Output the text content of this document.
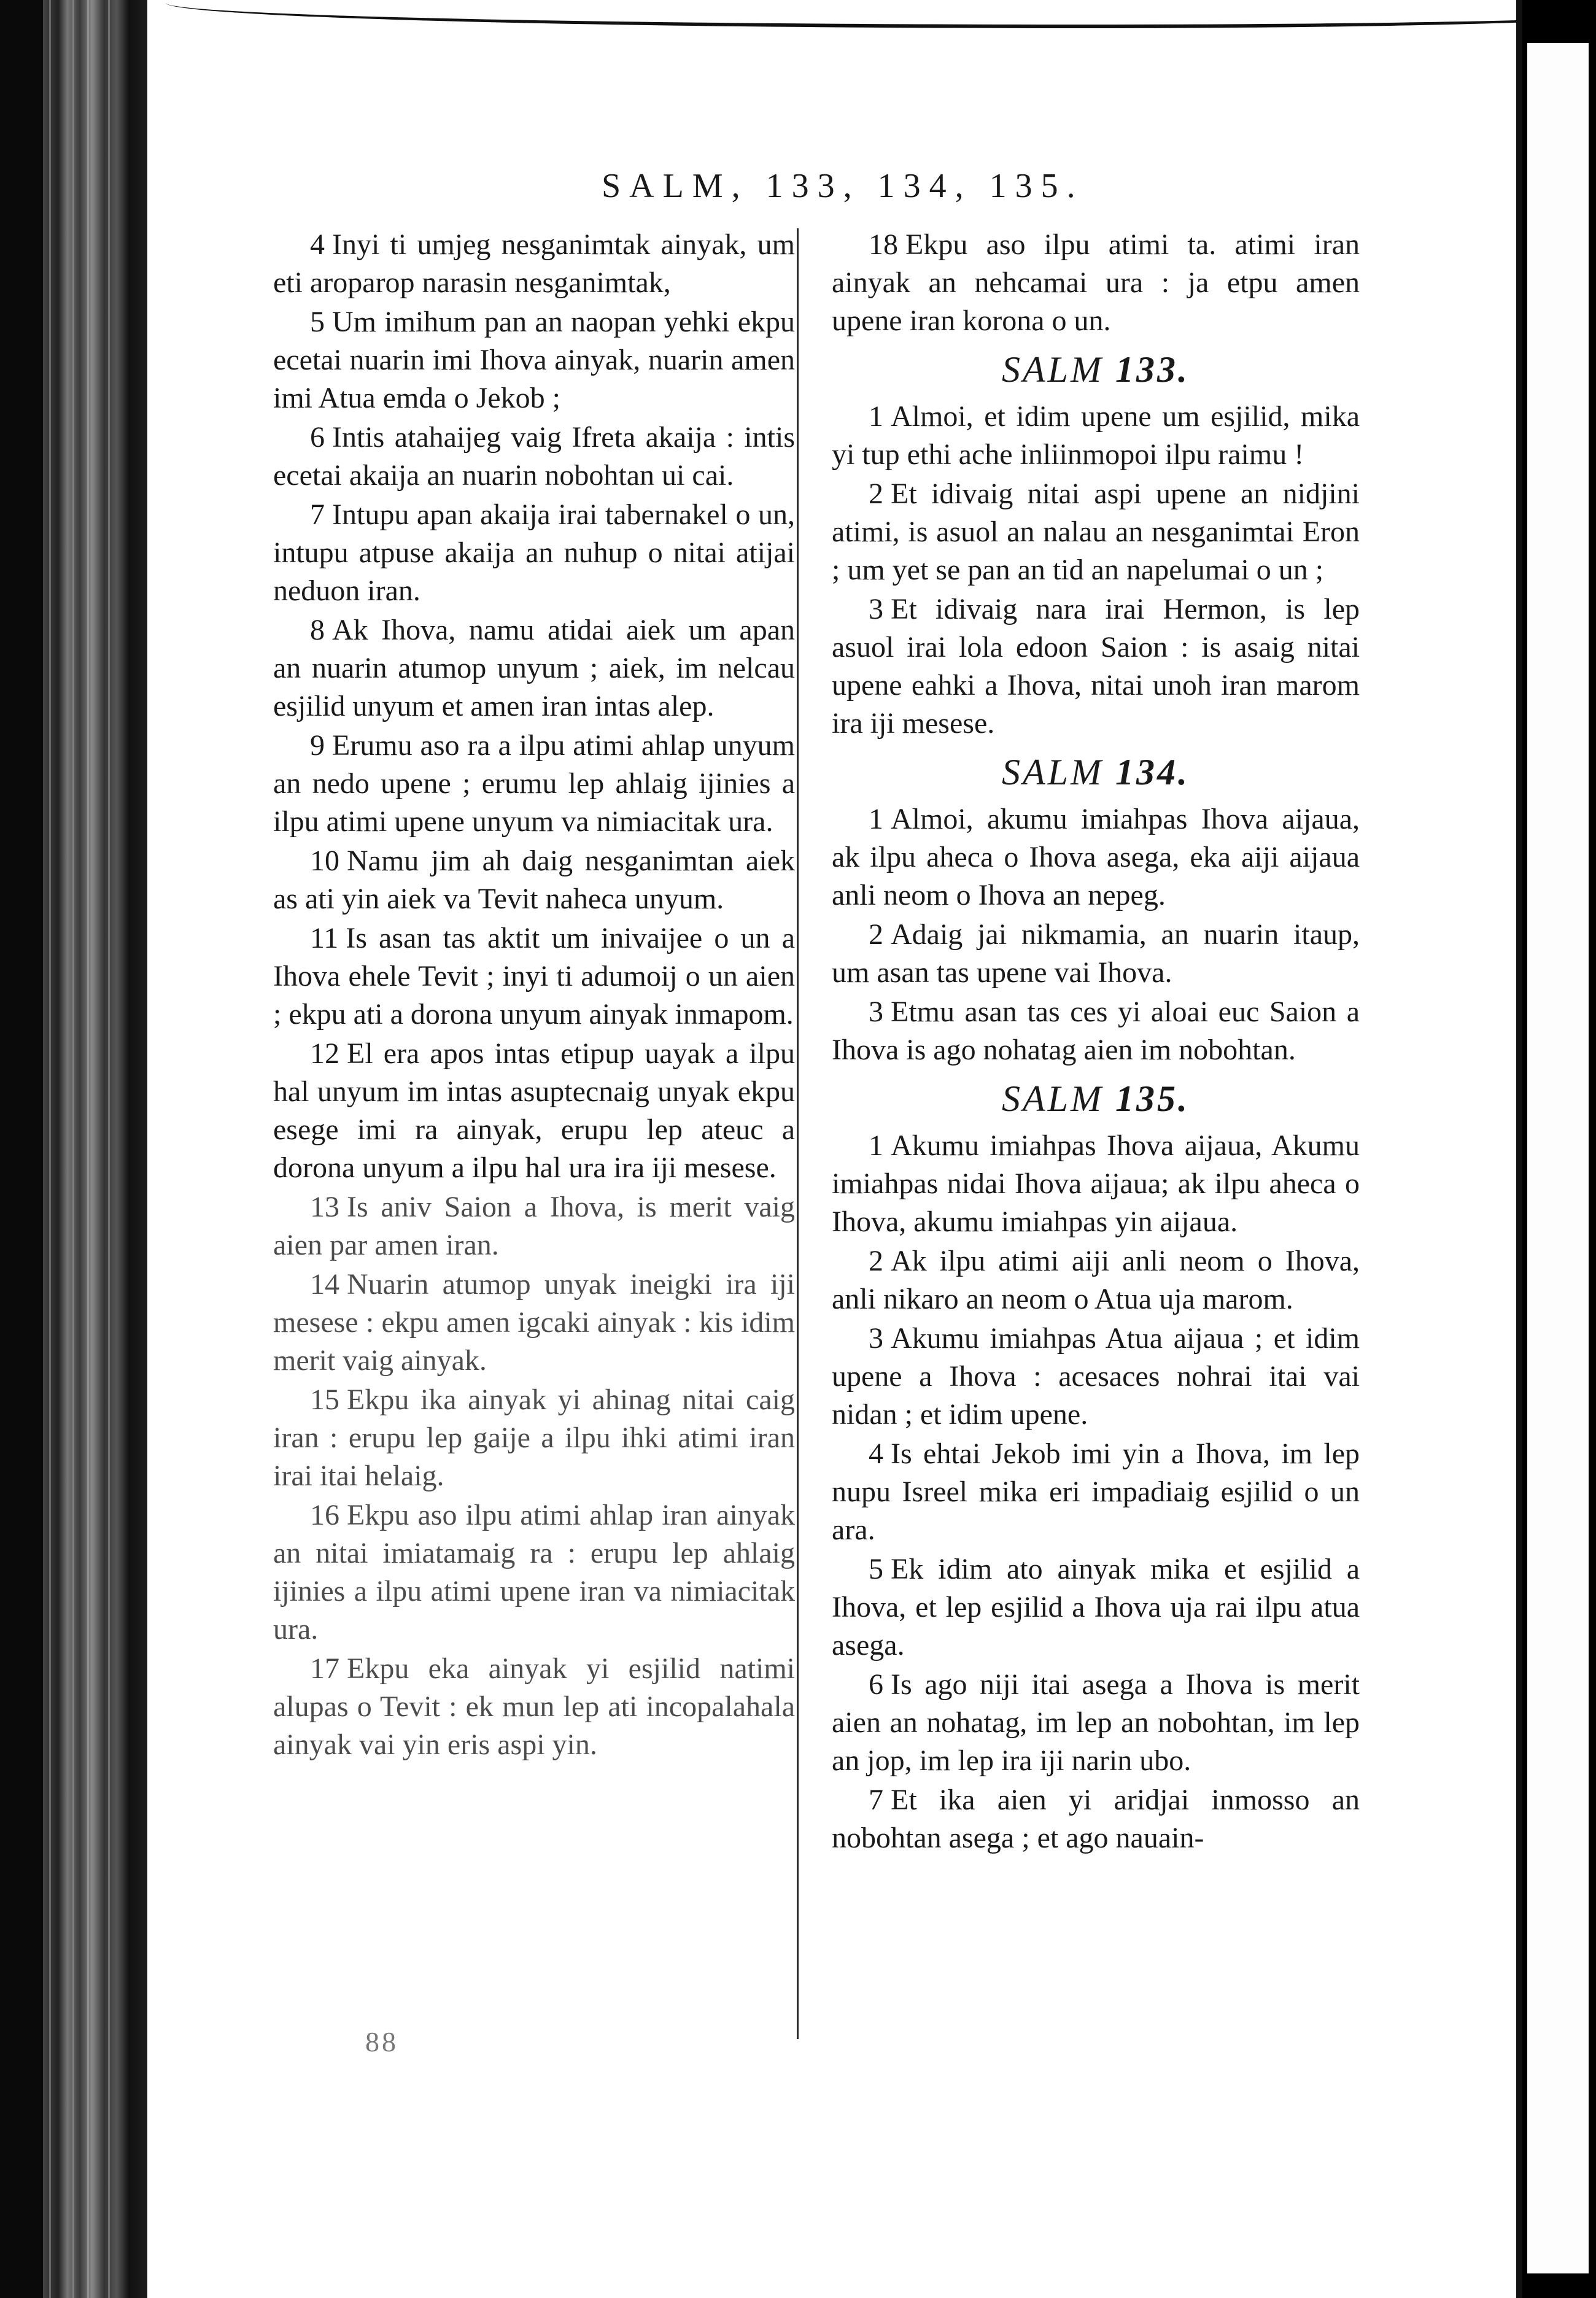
SALM, 133, 134, 135.

4 Inyi ti umjeg nesganimtak ainyak, um eti aroparop narasin nesganimtak,

5 Um imihum pan an naopan yehki ekpu ecetai nuarin imi Ihova ainyak, nuarin amen imi Atua emda o Jekob ;

6 Intis atahaijeg vaig Ifreta akaija : intis ecetai akaija an nuarin nobohtan ui cai.

7 Intupu apan akaija irai tabernakel o un, intupu atpuse akaija an nuhup o nitai atijai neduon iran.

8 Ak Ihova, namu atidai aiek um apan an nuarin atumop unyum ; aiek, im nelcau esjilid unyum et amen iran intas alep.

9 Erumu aso ra a ilpu atimi ahlap unyum an nedo upene ; erumu lep ahlaig ijinies a ilpu atimi upene unyum va nimiacitak ura.

10 Namu jim ah daig nesganimtan aiek as ati yin aiek va Tevit naheca unyum.

11 Is asan tas aktit um inivaijee o un a Ihova ehele Tevit ; inyi ti adumoij o un aien ; ekpu ati a dorona unyum ainyak inmapom.

12 El era apos intas etipup uayak a ilpu hal unyum im intas asuptecnaig unyak ekpu esege imi ra ainyak, erupu lep ateuc a dorona unyum a ilpu hal ura ira iji mesese.

13 Is aniv Saion a Ihova, is merit vaig aien par amen iran.

14 Nuarin atumop unyak ineigki ira iji mesese : ekpu amen igcaki ainyak : kis idim merit vaig ainyak.

15 Ekpu ika ainyak yi ahinag nitai caig iran : erupu lep gaije a ilpu ihki atimi iran irai itai helaig.

16 Ekpu aso ilpu atimi ahlap iran ainyak an nitai imiatamaig ra : erupu lep ahlaig ijinies a ilpu atimi upene iran va nimiacitak ura.

17 Ekpu eka ainyak yi esjilid natimi alupas o Tevit : ek mun lep ati incopalahala ainyak vai yin eris aspi yin.

18 Ekpu aso ilpu atimi ta. atimi iran ainyak an nehcamai ura : ja etpu amen upene iran korona o un.

SALM 133.

1 Almoi, et idim upene um esjilid, mika yi tup ethi ache inliinmopoi ilpu raimu !

2 Et idivaig nitai aspi upene an nidjini atimi, is asuol an nalau an nesganimtai Eron ; um yet se pan an tid an napelumai o un ;

3 Et idivaig nara irai Hermon, is lep asuol irai lola edoon Saion : is asaig nitai upene eahki a Ihova, nitai unoh iran marom ira iji mesese.

SALM 134.

1 Almoi, akumu imiahpas Ihova aijaua, ak ilpu aheca o Ihova asega, eka aiji aijaua anli neom o Ihova an nepeg.

2 Adaig jai nikmamia, an nuarin itaup, um asan tas upene vai Ihova.

3 Etmu asan tas ces yi aloai euc Saion a Ihova is ago nohatag aien im nobohtan.

SALM 135.

1 Akumu imiahpas Ihova aijaua, Akumu imiahpas nidai Ihova aijaua; ak ilpu aheca o Ihova, akumu imiahpas yin aijaua.

2 Ak ilpu atimi aiji anli neom o Ihova, anli nikaro an neom o Atua uja marom.

3 Akumu imiahpas Atua aijaua ; et idim upene a Ihova : acesaces nohrai itai vai nidan ; et idim upene.

4 Is ehtai Jekob imi yin a Ihova, im lep nupu Isreel mika eri impadiaig esjilid o un ara.

5 Ek idim ato ainyak mika et esjilid a Ihova, et lep esjilid a Ihova uja rai ilpu atua asega.

6 Is ago niji itai asega a Ihova is merit aien an nohatag, im lep an nobohtan, im lep an jop, im lep ira iji narin ubo.

7 Et ika aien yi aridjai inmosso an nobohtan asega ; et ago nauain-

88
